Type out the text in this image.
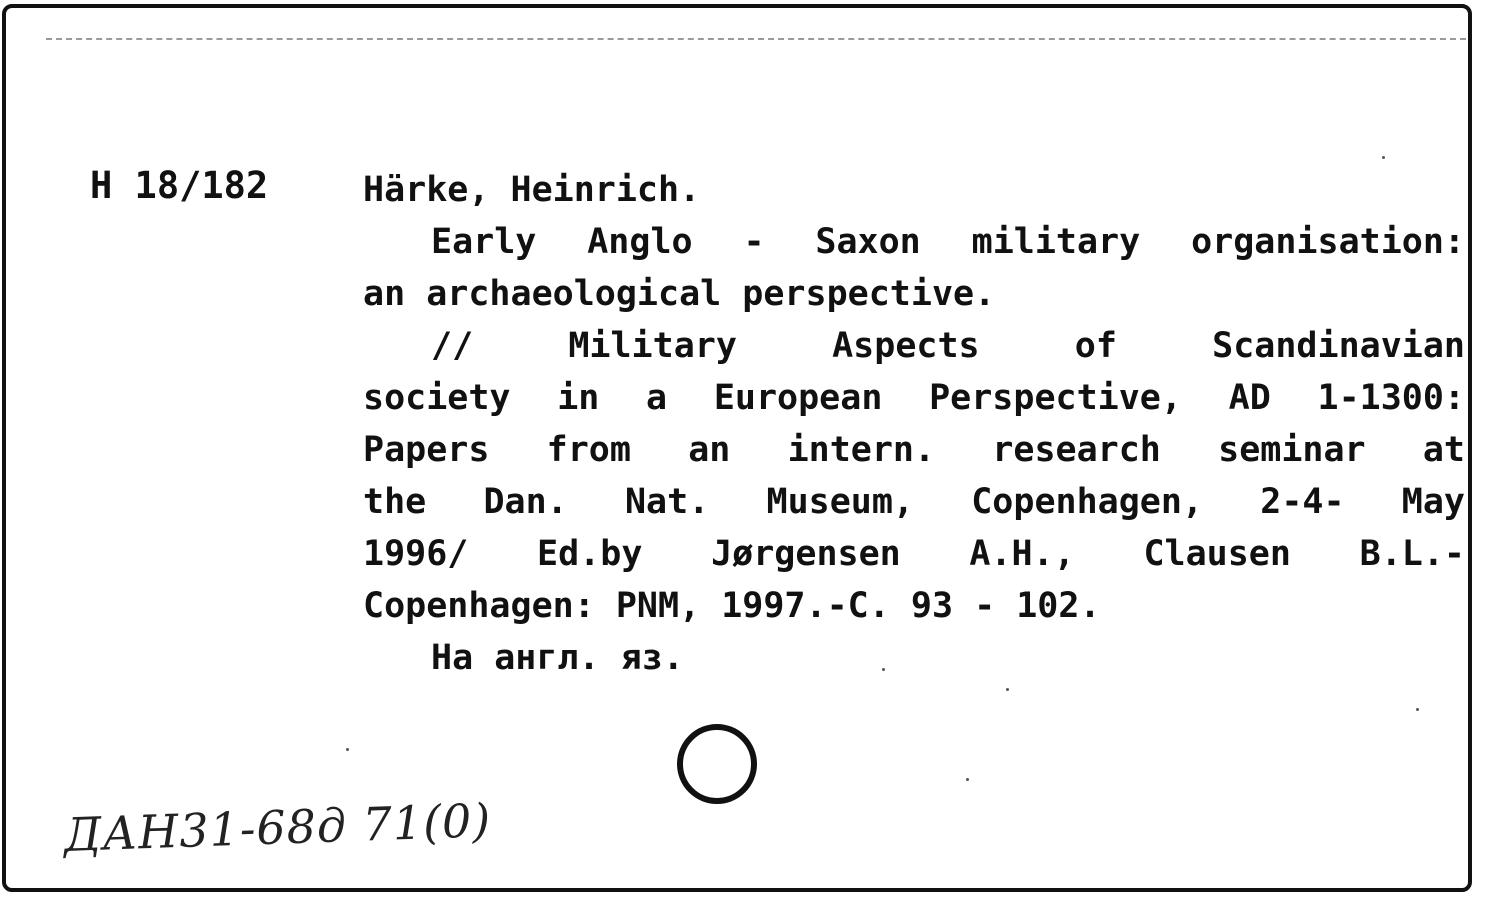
H 18/182	Härke, Heinrich.
Early Anglo - Saxon military organisation:
an archaeological perspective.
// Military Aspects of Scandinavian
society in a European Perspective, AD 1-1300:
Papers from an intern. research seminar at
the Dan. Nat. Museum, Copenhagen, 2-4- May
1996/ Ed.by Jørgensen A.H., Clausen B.L.-
Copenhagen: PNM, 1997.-C. 93 - 102.
На англ. яз.
ДАН31-68д 71(0)
